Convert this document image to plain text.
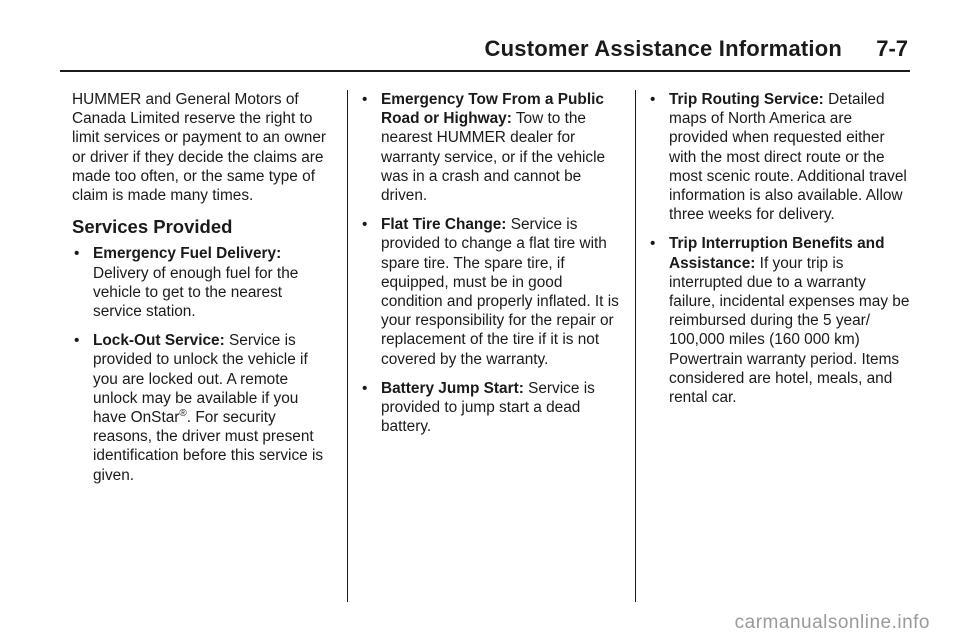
Customer Assistance Information 7-7

HUMMER and General Motors of Canada Limited reserve the right to limit services or payment to an owner or driver if they decide the claims are made too often, or the same type of claim is made many times.

Services Provided
• Emergency Fuel Delivery: Delivery of enough fuel for the vehicle to get to the nearest service station.
• Lock-Out Service: Service is provided to unlock the vehicle if you are locked out. A remote unlock may be available if you have OnStar®. For security reasons, the driver must present identification before this service is given.
• Emergency Tow From a Public Road or Highway: Tow to the nearest HUMMER dealer for warranty service, or if the vehicle was in a crash and cannot be driven.
• Flat Tire Change: Service is provided to change a flat tire with spare tire. The spare tire, if equipped, must be in good condition and properly inflated. It is your responsibility for the repair or replacement of the tire if it is not covered by the warranty.
• Battery Jump Start: Service is provided to jump start a dead battery.
• Trip Routing Service: Detailed maps of North America are provided when requested either with the most direct route or the most scenic route. Additional travel information is also available. Allow three weeks for delivery.
• Trip Interruption Benefits and Assistance: If your trip is interrupted due to a warranty failure, incidental expenses may be reimbursed during the 5 year/ 100,000 miles (160 000 km) Powertrain warranty period. Items considered are hotel, meals, and rental car.
carmanualsonline.info
